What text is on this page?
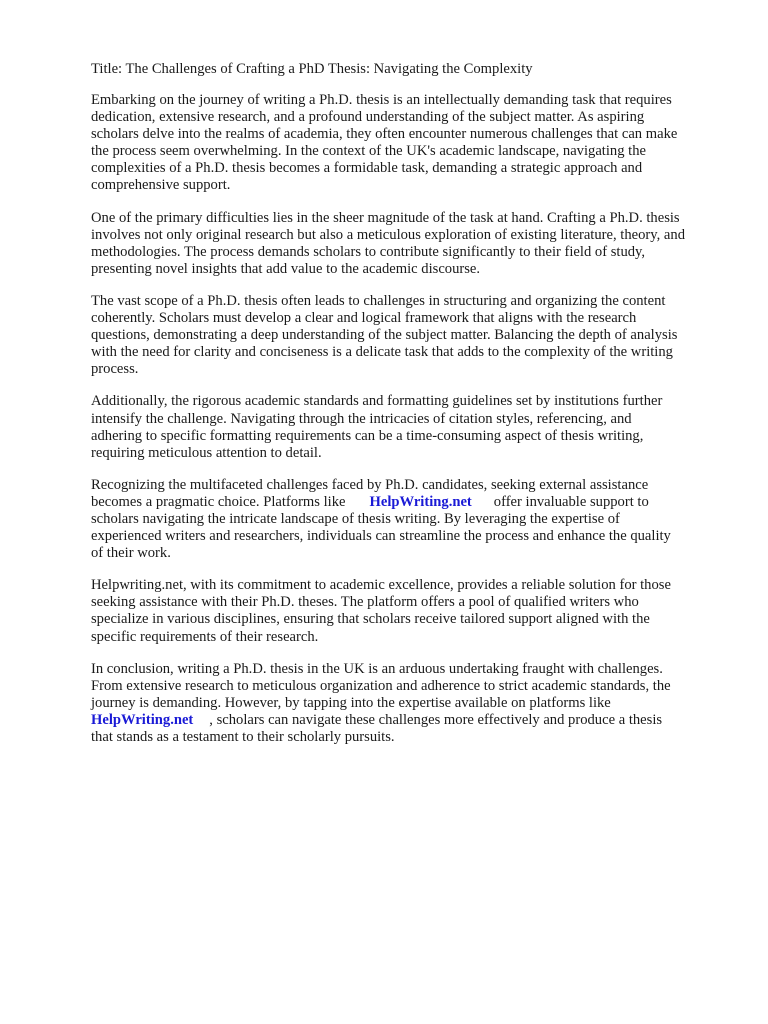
Title: The Challenges of Crafting a PhD Thesis: Navigating the Complexity
Embarking on the journey of writing a Ph.D. thesis is an intellectually demanding task that requires
dedication, extensive research, and a profound understanding of the subject matter. As aspiring
scholars delve into the realms of academia, they often encounter numerous challenges that can make
the process seem overwhelming. In the context of the UK's academic landscape, navigating the
complexities of a Ph.D. thesis becomes a formidable task, demanding a strategic approach and
comprehensive support.
One of the primary difficulties lies in the sheer magnitude of the task at hand. Crafting a Ph.D. thesis
involves not only original research but also a meticulous exploration of existing literature, theory, and
methodologies. The process demands scholars to contribute significantly to their field of study,
presenting novel insights that add value to the academic discourse.
The vast scope of a Ph.D. thesis often leads to challenges in structuring and organizing the content
coherently. Scholars must develop a clear and logical framework that aligns with the research
questions, demonstrating a deep understanding of the subject matter. Balancing the depth of analysis
with the need for clarity and conciseness is a delicate task that adds to the complexity of the writing
process.
Additionally, the rigorous academic standards and formatting guidelines set by institutions further
intensify the challenge. Navigating through the intricacies of citation styles, referencing, and
adhering to specific formatting requirements can be a time-consuming aspect of thesis writing,
requiring meticulous attention to detail.
Recognizing the multifaceted challenges faced by Ph.D. candidates, seeking external assistance
becomes a pragmatic choice. Platforms like HelpWriting.net offer invaluable support to
scholars navigating the intricate landscape of thesis writing. By leveraging the expertise of
experienced writers and researchers, individuals can streamline the process and enhance the quality
of their work.
Helpwriting.net, with its commitment to academic excellence, provides a reliable solution for those
seeking assistance with their Ph.D. theses. The platform offers a pool of qualified writers who
specialize in various disciplines, ensuring that scholars receive tailored support aligned with the
specific requirements of their research.
In conclusion, writing a Ph.D. thesis in the UK is an arduous undertaking fraught with challenges.
From extensive research to meticulous organization and adherence to strict academic standards, the
journey is demanding. However, by tapping into the expertise available on platforms like
HelpWriting.net , scholars can navigate these challenges more effectively and produce a thesis
that stands as a testament to their scholarly pursuits.
